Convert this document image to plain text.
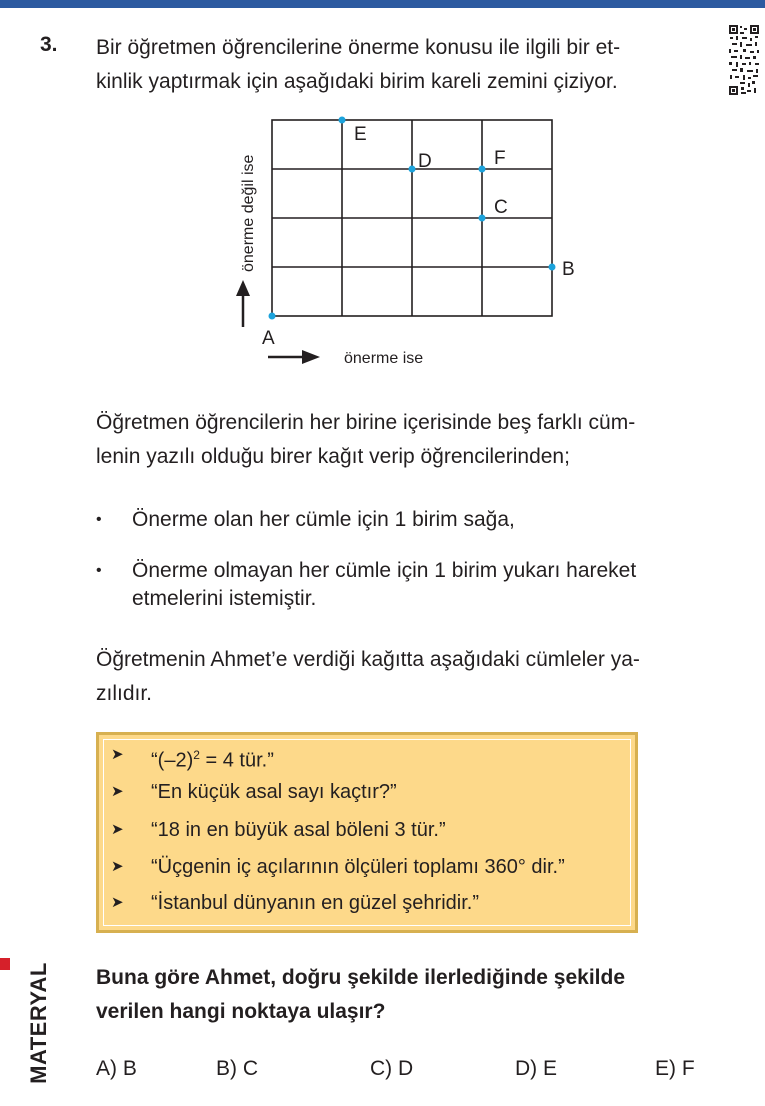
3. Bir öğretmen öğrencilerine önerme konusu ile ilgili bir et-
kinlik yaptırmak için aşağıdaki birim kareli zemini çiziyor.
A
B
C
D
E
F
önerme değil ise
önerme ise
Öğretmen öğrencilerin her birine içerisinde beş farklı cüm-
lenin yazılı olduğu birer kağıt verip öğrencilerinden;
• Önerme olan her cümle için 1 birim sağa,
• Önerme olmayan her cümle için 1 birim yukarı hareket
etmelerini istemiştir.
Öğretmenin Ahmet’e verdiği kağıtta aşağıdaki cümleler ya-
zılıdır.
➤ “$(-2)^2 = 4$ tür.”
➤ “En küçük asal sayı kaçtır?”
➤ “18 in en büyük asal böleni 3 tür.”
➤ “Üçgenin iç açılarının ölçüleri toplamı 360° dir.”
➤ “İstanbul dünyanın en güzel şehridir.”
MATERYAL Buna göre Ahmet, doğru şekilde ilerlediğinde şekilde
verilen hangi noktaya ulaşır?
A) B	B) C	C) D	D) E	E) F
